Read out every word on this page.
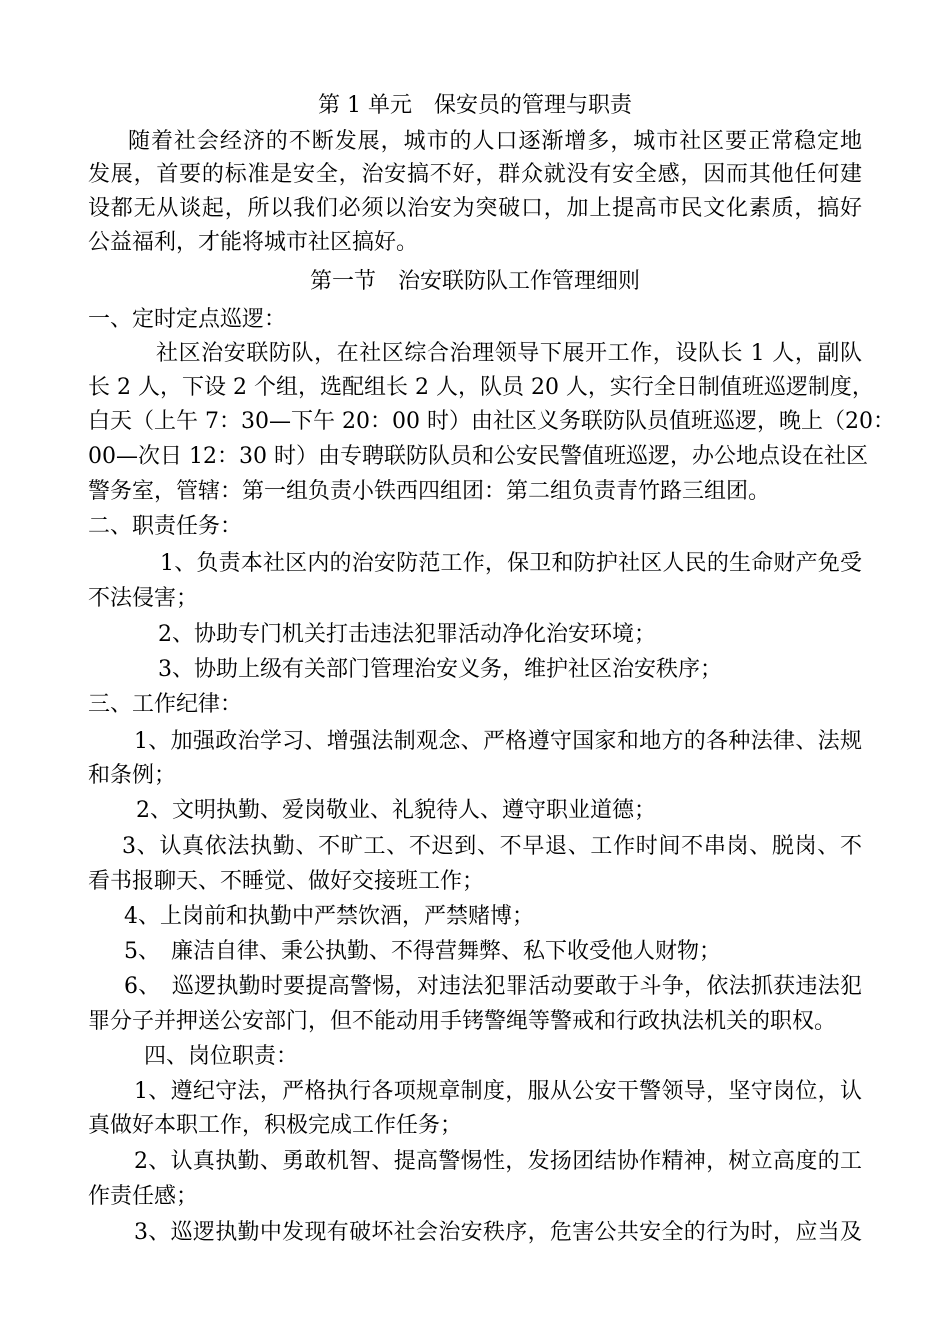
第 1 单元　保安员的管理与职责
随着社会经济的不断发展，城市的人口逐渐增多，城市社区要正常稳定地
发展，首要的标准是安全，治安搞不好，群众就没有安全感，因而其他任何建
设都无从谈起，所以我们必须以治安为突破口，加上提高市民文化素质，搞好
公益福利，才能将城市社区搞好。
第一节　治安联防队工作管理细则
一、定时定点巡逻：
社区治安联防队，在社区综合治理领导下展开工作，设队长 1 人，副队
长 2 人，下设 2 个组，选配组长 2 人，队员 20 人，实行全日制值班巡逻制度，
白天（上午 7：30—下午 20：00 时）由社区义务联防队员值班巡逻，晚上（20：
00—次日 12：30 时）由专聘联防队员和公安民警值班巡逻，办公地点设在社区
警务室，管辖：第一组负责小铁西四组团：第二组负责青竹路三组团。
二、职责任务：
1、负责本社区内的治安防范工作，保卫和防护社区人民的生命财产免受
不法侵害；
2、协助专门机关打击违法犯罪活动净化治安环境；
3、协助上级有关部门管理治安义务，维护社区治安秩序；
三、工作纪律：
1、加强政治学习、增强法制观念、严格遵守国家和地方的各种法律、法规
和条例；
2、文明执勤、爱岗敬业、礼貌待人、遵守职业道德；
3、认真依法执勤、不旷工、不迟到、不早退、工作时间不串岗、脱岗、不
看书报聊天、不睡觉、做好交接班工作；
4、上岗前和执勤中严禁饮酒，严禁赌博；
5、　廉洁自律、秉公执勤、不得营舞弊、私下收受他人财物；
6、　巡逻执勤时要提高警惕，对违法犯罪活动要敢于斗争，依法抓获违法犯
罪分子并押送公安部门，但不能动用手铐警绳等警戒和行政执法机关的职权。
四、岗位职责：
1、遵纪守法，严格执行各项规章制度，服从公安干警领导，坚守岗位，认
真做好本职工作，积极完成工作任务；
2、认真执勤、勇敢机智、提高警惕性，发扬团结协作精神，树立高度的工
作责任感；
3、巡逻执勤中发现有破坏社会治安秩序，危害公共安全的行为时，应当及
